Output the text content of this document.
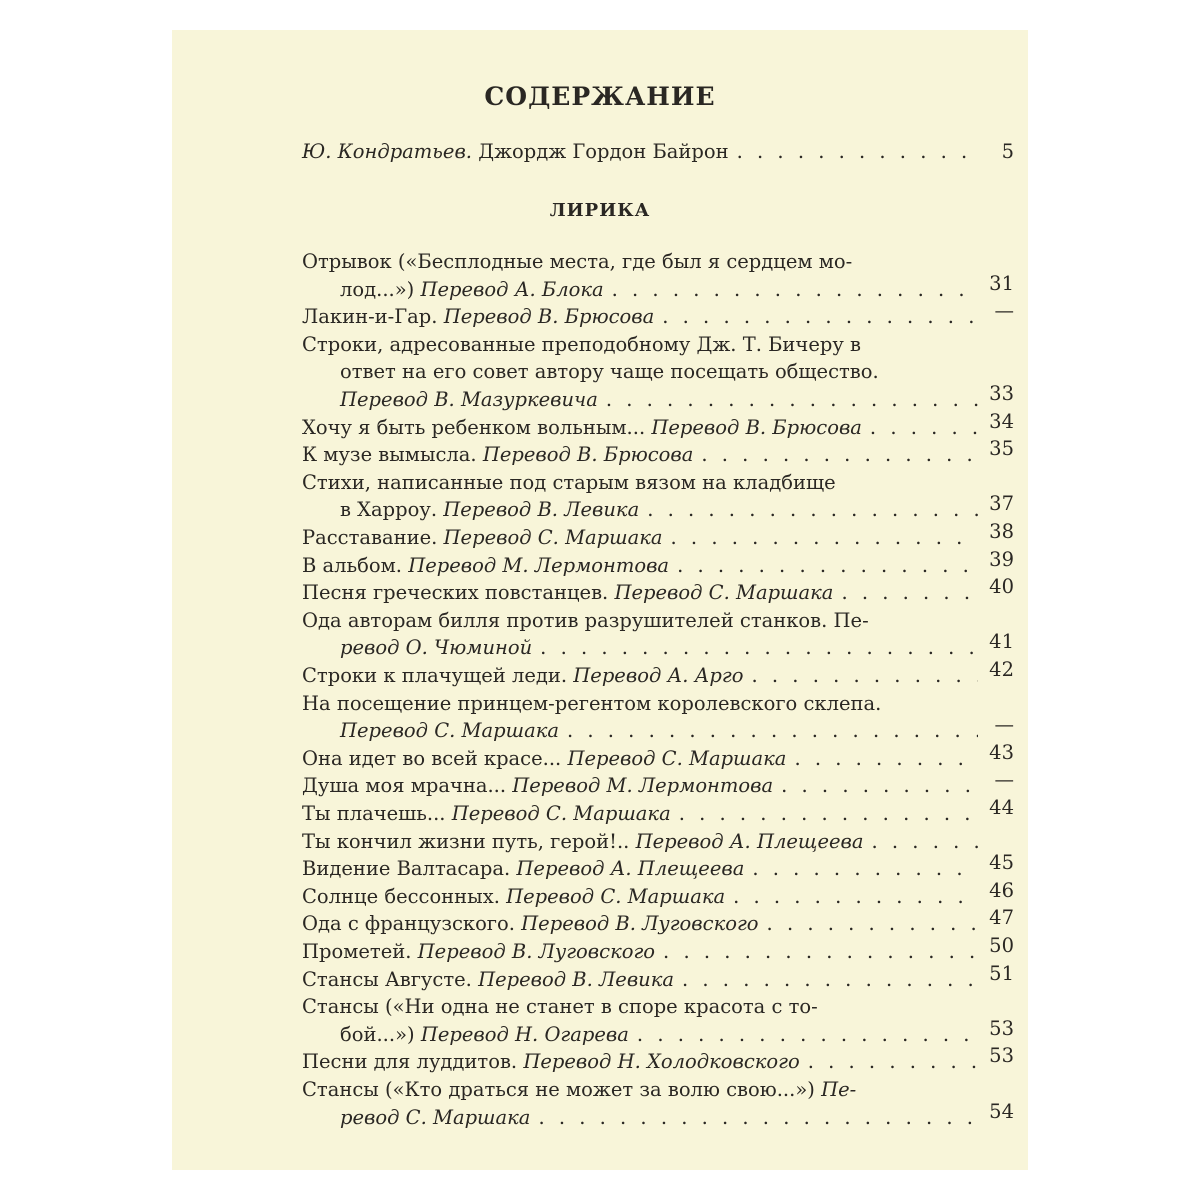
СОДЕРЖАНИЕ
Ю. Кондратьев. Джордж Гордон Байрон . . .	5
ЛИРИКА
Отрывок («Бесплодные места, где был я сердцем мо-
лод...») Перевод А. Блока . . .	31
Лакин-и-Гар. Перевод В. Брюсова . . .	—
Строки, адресованные преподобному Дж. Т. Бичеру в
ответ на его совет автору чаще посещать общество.
Перевод В. Мазуркевича . . .	33
Хочу я быть ребенком вольным... Перевод В. Брюсова . . .	34
К музе вымысла. Перевод В. Брюсова . . .	35
Стихи, написанные под старым вязом на кладбище
в Харроу. Перевод В. Левика . . .	37
Расставание. Перевод С. Маршака . . .	38
В альбом. Перевод М. Лермонтова . . .	39
Песня греческих повстанцев. Перевод С. Маршака . . .	40
Ода авторам билля против разрушителей станков. Пе-
ревод О. Чюминой . . .	41
Строки к плачущей леди. Перевод А. Арго . . .	42
На посещение принцем-регентом королевского склепа.
Перевод С. Маршака . . .	—
Она идет во всей красе... Перевод С. Маршака . . .	43
Душа моя мрачна... Перевод М. Лермонтова . . .	—
Ты плачешь... Перевод С. Маршака . . .	44
Ты кончил жизни путь, герой!.. Перевод А. Плещеева
. . .
Видение Валтасара. Перевод А. Плещеева . . .	45
Солнце бессонных. Перевод С. Маршака . . .	46
Ода с французского. Перевод В. Луговского . . .	47
Прометей. Перевод В. Луговского . . .	50
Стансы Августе. Перевод В. Левика . . .	51
Стансы («Ни одна не станет в споре красота с то-
бой...») Перевод Н. Огарева . . .	53
Песни для луддитов. Перевод Н. Холодковского . . .	53
Стансы («Кто драться не может за волю свою...») Пе-
ревод С. Маршака . . .	54
